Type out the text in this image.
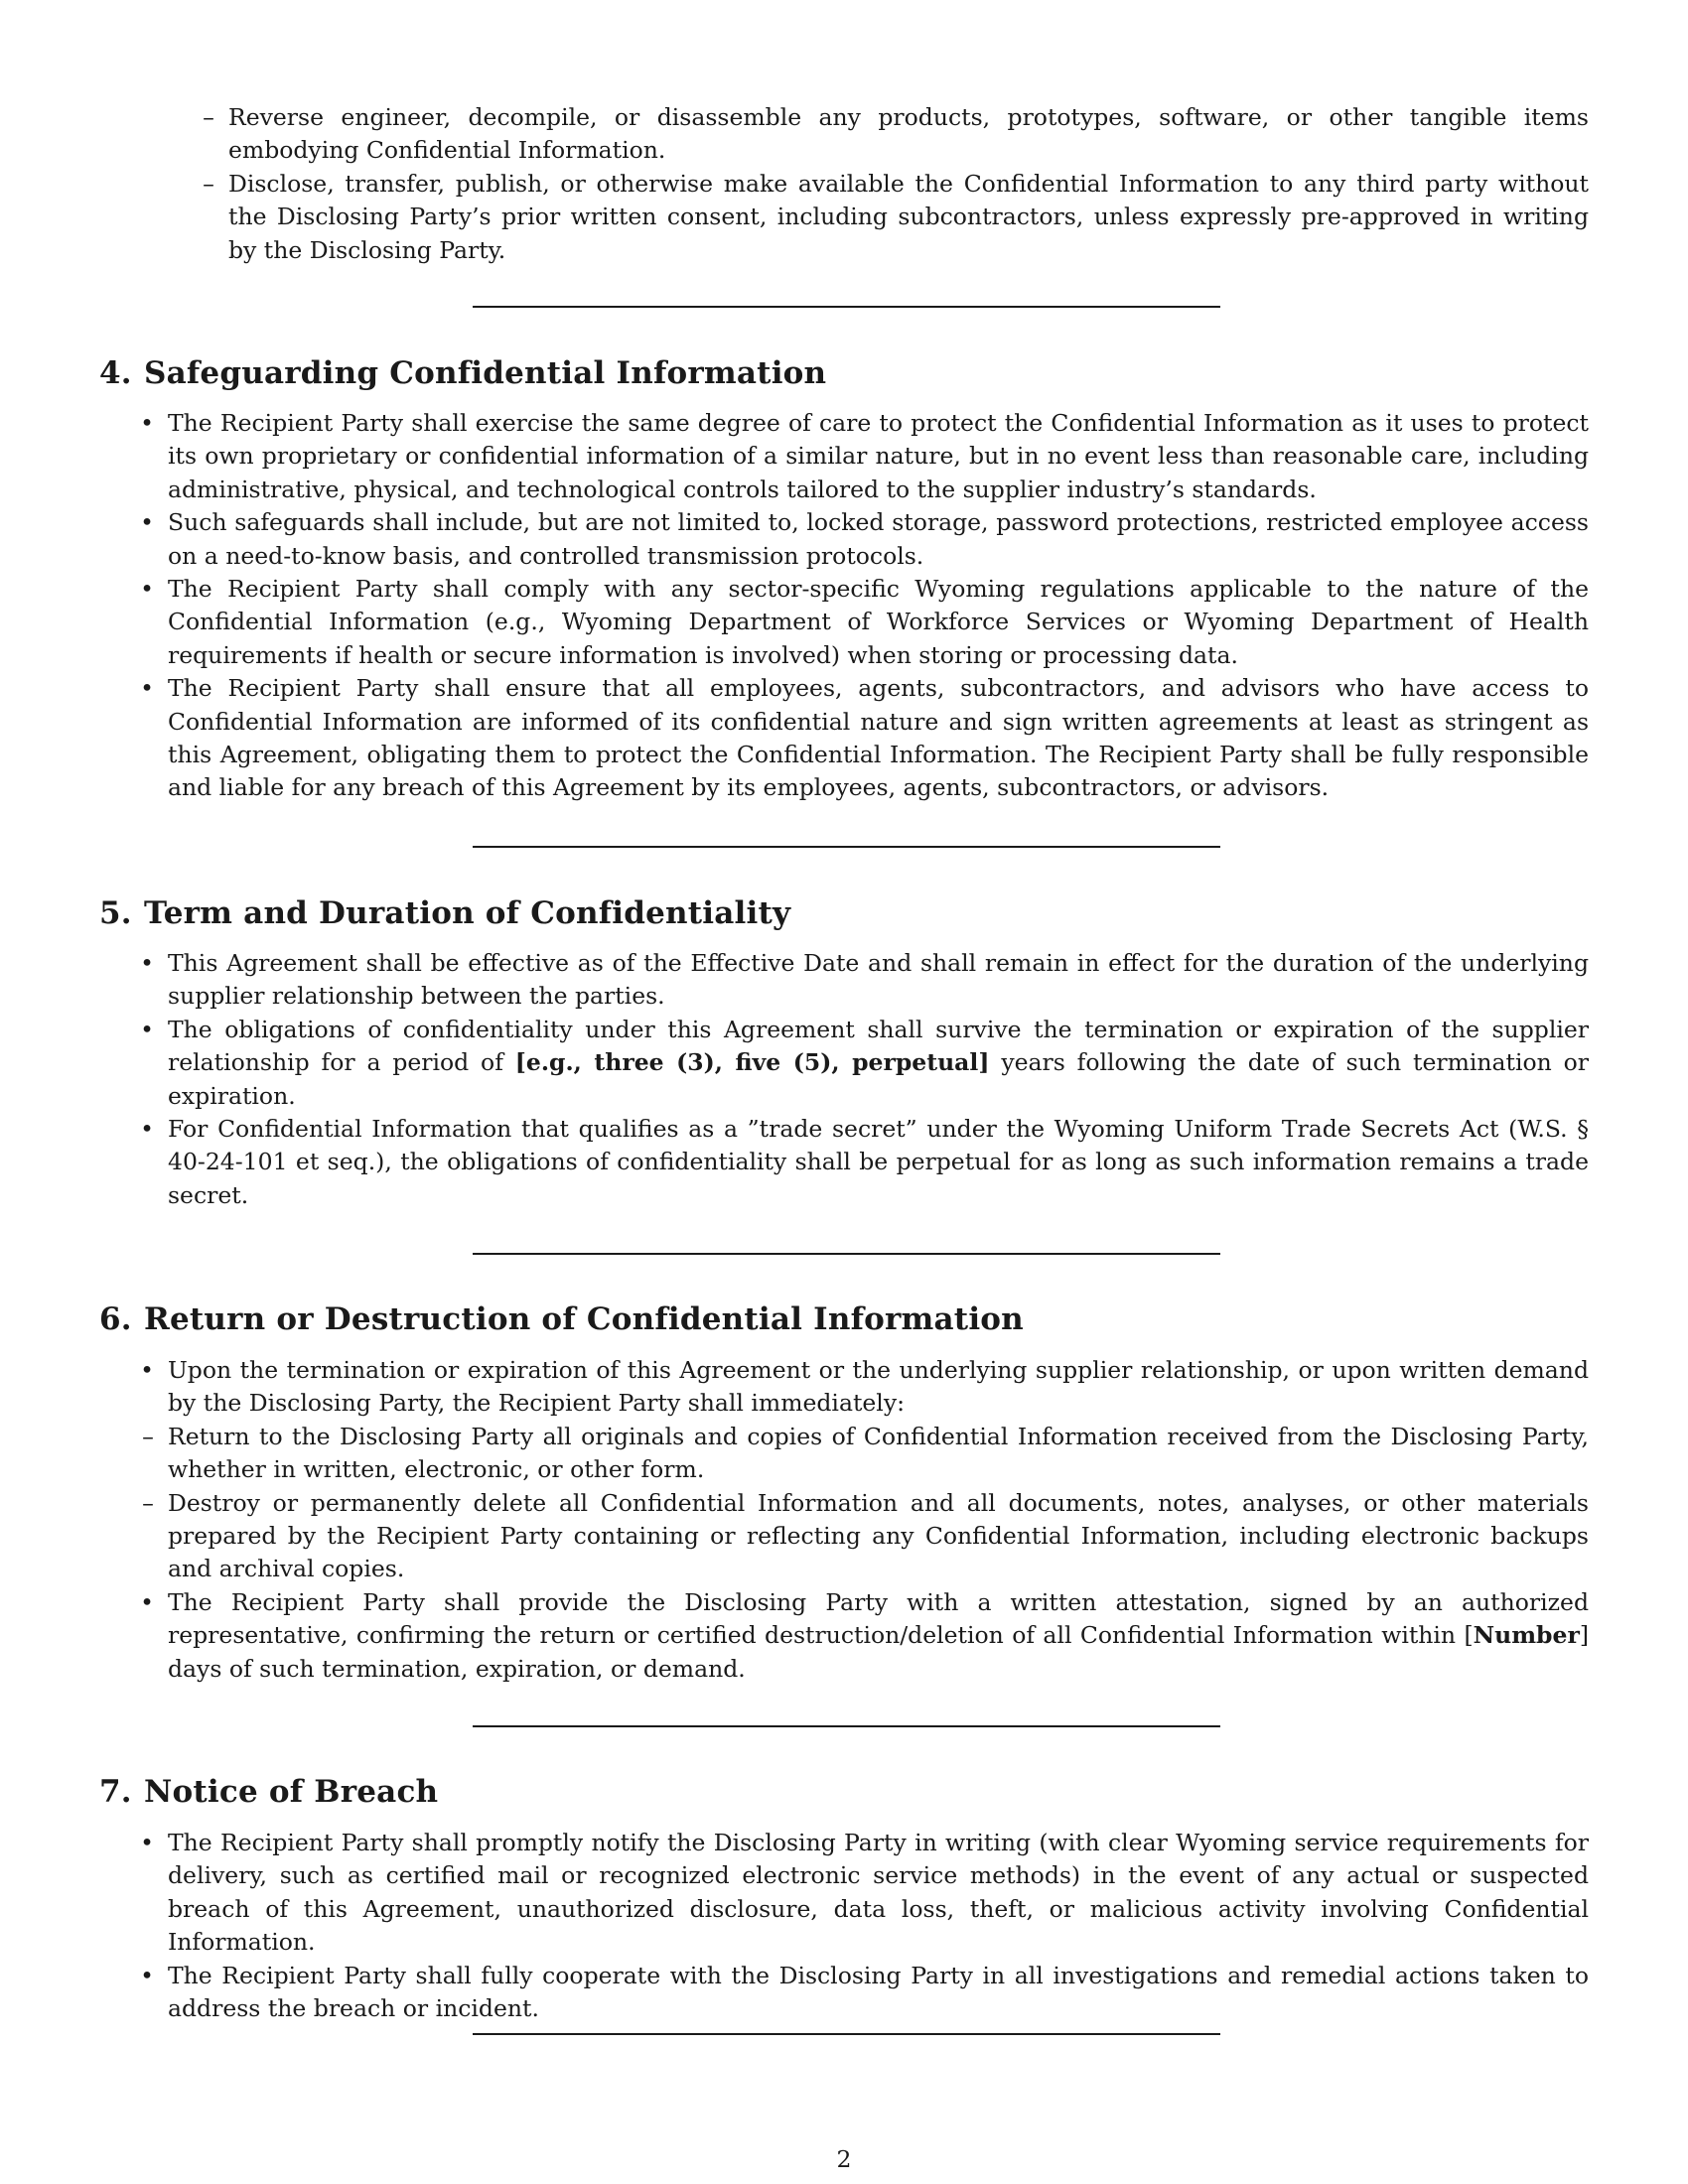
– Reverse engineer, decompile, or disassemble any products, prototypes, software, or other tangible items embodying Confidential Information.
– Disclose, transfer, publish, or otherwise make available the Confidential Information to any third party without the Disclosing Party’s prior written consent, including subcontractors, unless expressly pre-approved in writing by the Disclosing Party.
4. Safeguarding Confidential Information
• The Recipient Party shall exercise the same degree of care to protect the Confidential Information as it uses to protect its own proprietary or confidential information of a similar nature, but in no event less than reasonable care, including administrative, physical, and technological controls tailored to the supplier industry’s standards.
• Such safeguards shall include, but are not limited to, locked storage, password protections, restricted employee access on a need-to-know basis, and controlled transmission protocols.
• The Recipient Party shall comply with any sector-specific Wyoming regulations applicable to the nature of the Confidential Information (e.g., Wyoming Department of Workforce Services or Wyoming Department of Health requirements if health or secure information is involved) when storing or processing data.
• The Recipient Party shall ensure that all employees, agents, subcontractors, and advisors who have access to Confidential Information are informed of its confidential nature and sign written agreements at least as stringent as this Agreement, obligating them to protect the Confidential Information. The Recipient Party shall be fully responsible and liable for any breach of this Agreement by its employees, agents, subcontractors, or advisors.
5. Term and Duration of Confidentiality
• This Agreement shall be effective as of the Effective Date and shall remain in effect for the duration of the underlying supplier relationship between the parties.
• The obligations of confidentiality under this Agreement shall survive the termination or expiration of the supplier relationship for a period of [e.g., three (3), five (5), perpetual] years following the date of such termination or expiration.
• For Confidential Information that qualifies as a ”trade secret” under the Wyoming Uniform Trade Secrets Act (W.S. § 40-24-101 et seq.), the obligations of confidentiality shall be perpetual for as long as such information remains a trade secret.
6. Return or Destruction of Confidential Information
• Upon the termination or expiration of this Agreement or the underlying supplier relationship, or upon written demand by the Disclosing Party, the Recipient Party shall immediately:
– Return to the Disclosing Party all originals and copies of Confidential Information received from the Disclosing Party, whether in written, electronic, or other form.
– Destroy or permanently delete all Confidential Information and all documents, notes, analyses, or other materials prepared by the Recipient Party containing or reflecting any Confidential Information, including electronic backups and archival copies.
• The Recipient Party shall provide the Disclosing Party with a written attestation, signed by an authorized representative, confirming the return or certified destruction/deletion of all Confidential Information within [Number] days of such termination, expiration, or demand.
7. Notice of Breach
• The Recipient Party shall promptly notify the Disclosing Party in writing (with clear Wyoming service requirements for delivery, such as certified mail or recognized electronic service methods) in the event of any actual or suspected breach of this Agreement, unauthorized disclosure, data loss, theft, or malicious activity involving Confidential Information.
• The Recipient Party shall fully cooperate with the Disclosing Party in all investigations and remedial actions taken to address the breach or incident.
2
